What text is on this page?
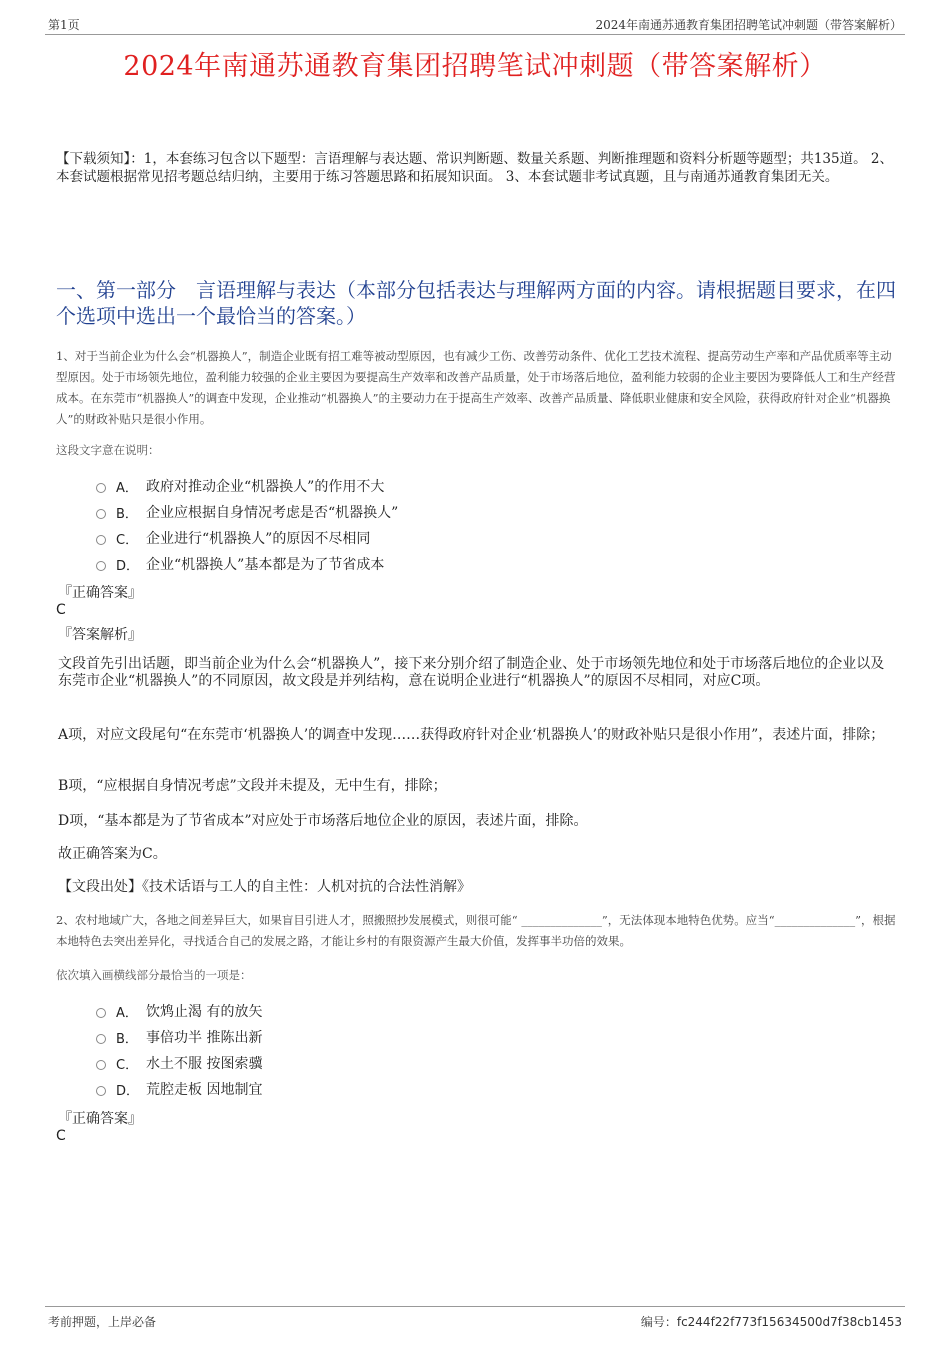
第1页	2024年南通苏通教育集团招聘笔试冲刺题（带答案解析）
2024年南通苏通教育集团招聘笔试冲刺题（带答案解析）
【下载须知】：1，本套练习包含以下题型：言语理解与表达题、常识判断题、数量关系题、判断推理题和资料分析题等题型；共135道。 2、本套试题根据常见招考题总结归纳，主要用于练习答题思路和拓展知识面。 3、本套试题非考试真题，且与南通苏通教育集团无关。
一、第一部分　言语理解与表达（本部分包括表达与理解两方面的内容。请根据题目要求，在四个选项中选出一个最恰当的答案。）
1、对于当前企业为什么会“机器换人”，制造企业既有招工难等被动型原因，也有减少工伤、改善劳动条件、优化工艺技术流程、提高劳动生产率和产品优质率等主动型原因。处于市场领先地位，盈利能力较强的企业主要因为要提高生产效率和改善产品质量，处于市场落后地位，盈利能力较弱的企业主要因为要降低人工和生产经营成本。在东莞市“机器换人”的调查中发现，企业推动“机器换人”的主要动力在于提高生产效率、改善产品质量、降低职业健康和安全风险，获得政府针对企业“机器换人”的财政补贴只是很小作用。
这段文字意在说明：
A． 政府对推动企业“机器换人”的作用不大
B． 企业应根据自身情况考虑是否“机器换人”
C． 企业进行“机器换人”的原因不尽相同
D． 企业“机器换人”基本都是为了节省成本
『正确答案』
C
『答案解析』
文段首先引出话题，即当前企业为什么会“机器换人”，接下来分别介绍了制造企业、处于市场领先地位和处于市场落后地位的企业以及东莞市企业“机器换人”的不同原因，故文段是并列结构，意在说明企业进行“机器换人”的原因不尽相同，对应C项。
A项，对应文段尾句“在东莞市‘机器换人’的调查中发现……获得政府针对企业‘机器换人’的财政补贴只是很小作用”，表述片面，排除；
B项，“应根据自身情况考虑”文段并未提及，无中生有，排除；
D项，“基本都是为了节省成本”对应处于市场落后地位企业的原因，表述片面，排除。
故正确答案为C。
【文段出处】《技术话语与工人的自主性：人机对抗的合法性消解》
2、农村地域广大，各地之间差异巨大，如果盲目引进人才，照搬照抄发展模式，则很可能“ ______________”，无法体现本地特色优势。应当“______________”，根据本地特色去突出差异化，寻找适合自己的发展之路，才能让乡村的有限资源产生最大价值，发挥事半功倍的效果。
依次填入画横线部分最恰当的一项是：
A． 饮鸩止渴 有的放矢
B． 事倍功半 推陈出新
C． 水土不服 按图索骥
D． 荒腔走板 因地制宜
『正确答案』
C
考前押题，上岸必备	编号：fc244f22f773f15634500d7f38cb1453
